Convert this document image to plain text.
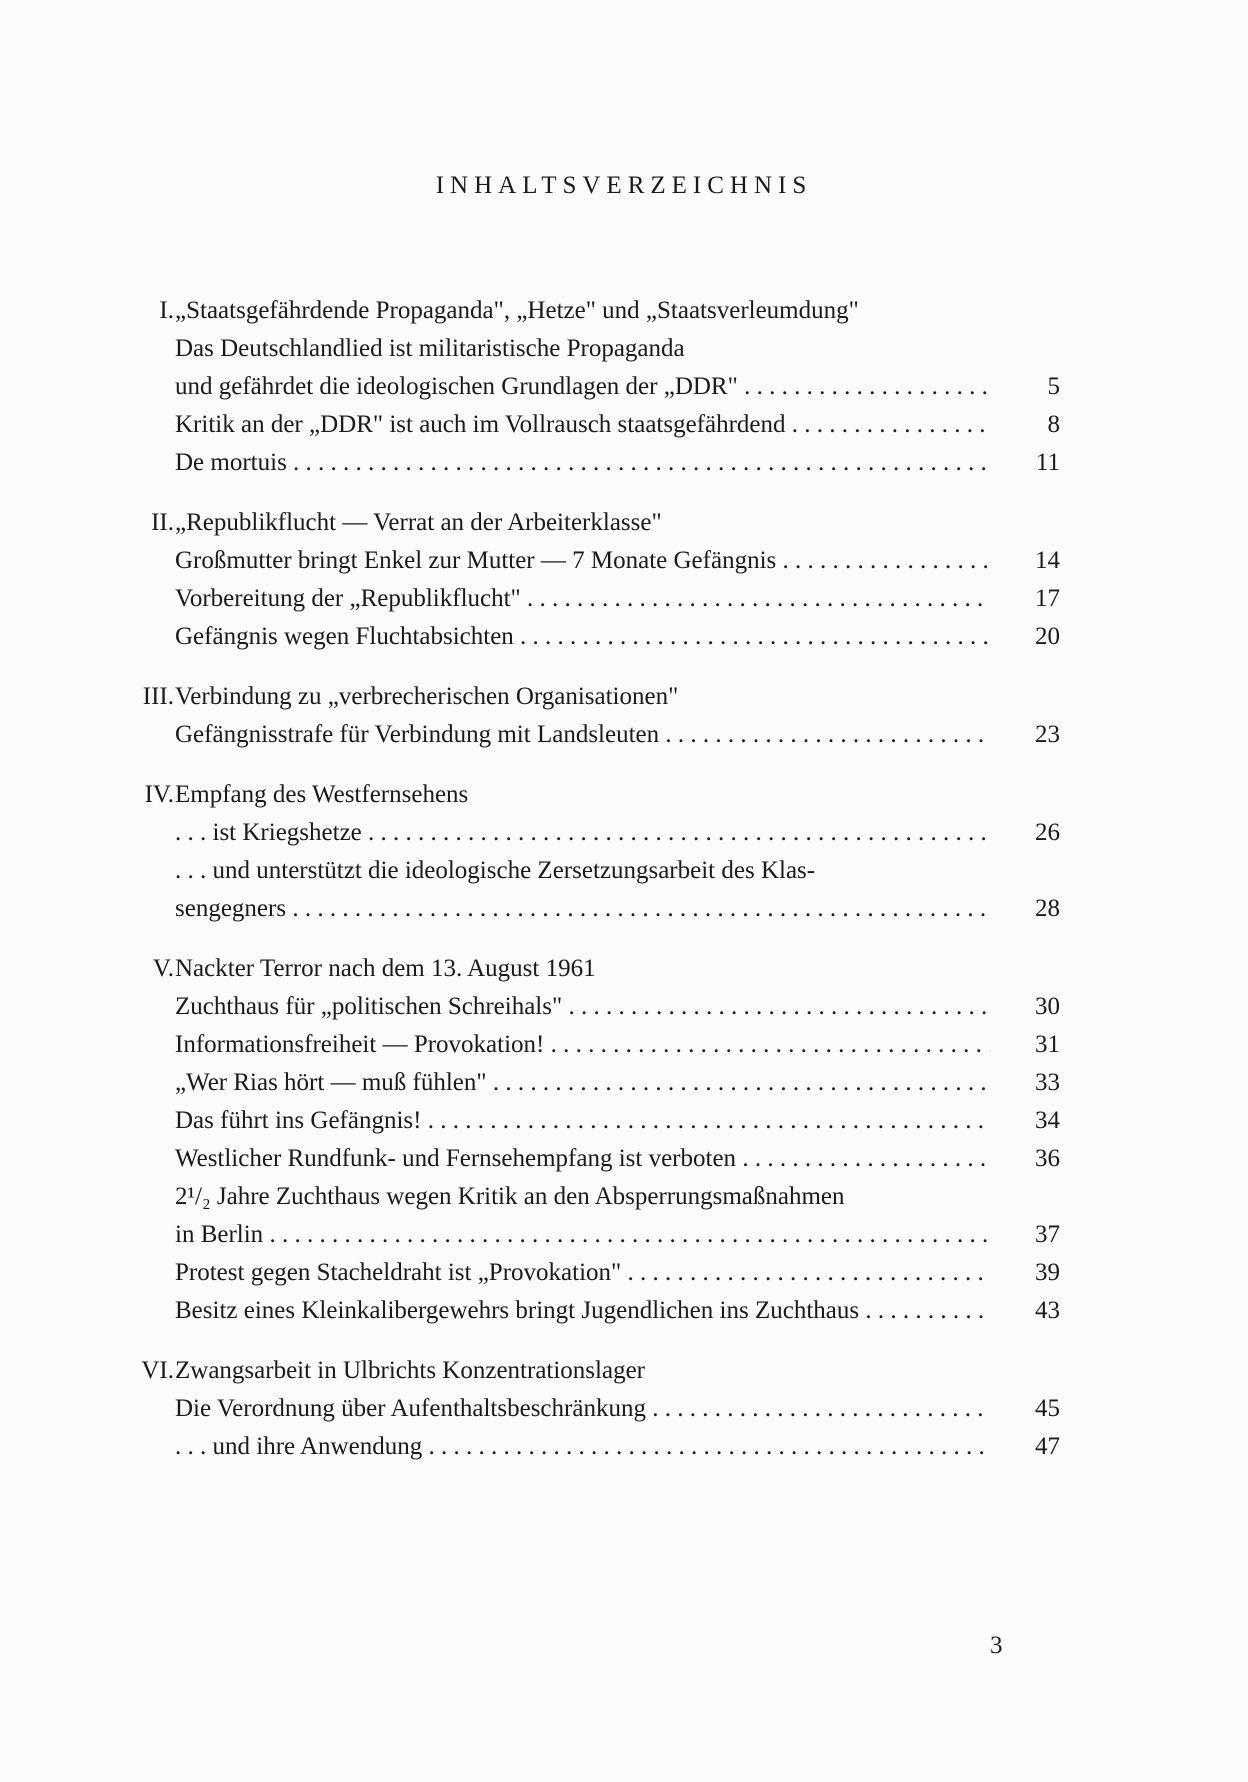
INHALTSVERZEICHNIS
I. „Staatsgefährdende Propaganda", „Hetze" und „Staatsverleumdung"
Das Deutschlandlied ist militaristische Propaganda
und gefährdet die ideologischen Grundlagen der „DDR" . . .	5
Kritik an der „DDR" ist auch im Vollrausch staatsgefährdend . . .	8
De mortuis . . .	11
II. „Republikflucht — Verrat an der Arbeiterklasse"
Großmutter bringt Enkel zur Mutter — 7 Monate Gefängnis . . .	14
Vorbereitung der „Republikflucht" . . .	17
Gefängnis wegen Fluchtabsichten . . .	20
III. Verbindung zu „verbrecherischen Organisationen"
Gefängnisstrafe für Verbindung mit Landsleuten . . .	23
IV. Empfang des Westfernsehens
. . . ist Kriegshetze . . .	26
. . . und unterstützt die ideologische Zersetzungsarbeit des Klas-
sengegners . . .	28
V. Nackter Terror nach dem 13. August 1961
Zuchthaus für „politischen Schreihals" . . .	30
Informationsfreiheit — Provokation! . . .	31
„Wer Rias hört — muß fühlen" . . .	33
Das führt ins Gefängnis! . . .	34
Westlicher Rundfunk- und Fernsehempfang ist verboten . . .	36
2¹/₂ Jahre Zuchthaus wegen Kritik an den Absperrungsmaßnahmen
in Berlin . . .	37
Protest gegen Stacheldraht ist „Provokation" . . .	39
Besitz eines Kleinkalibergewehrs bringt Jugendlichen ins Zuchthaus . . .	43
VI. Zwangsarbeit in Ulbrichts Konzentrationslager
Die Verordnung über Aufenthaltsbeschränkung . . .	45
. . . und ihre Anwendung . . .	47
3
